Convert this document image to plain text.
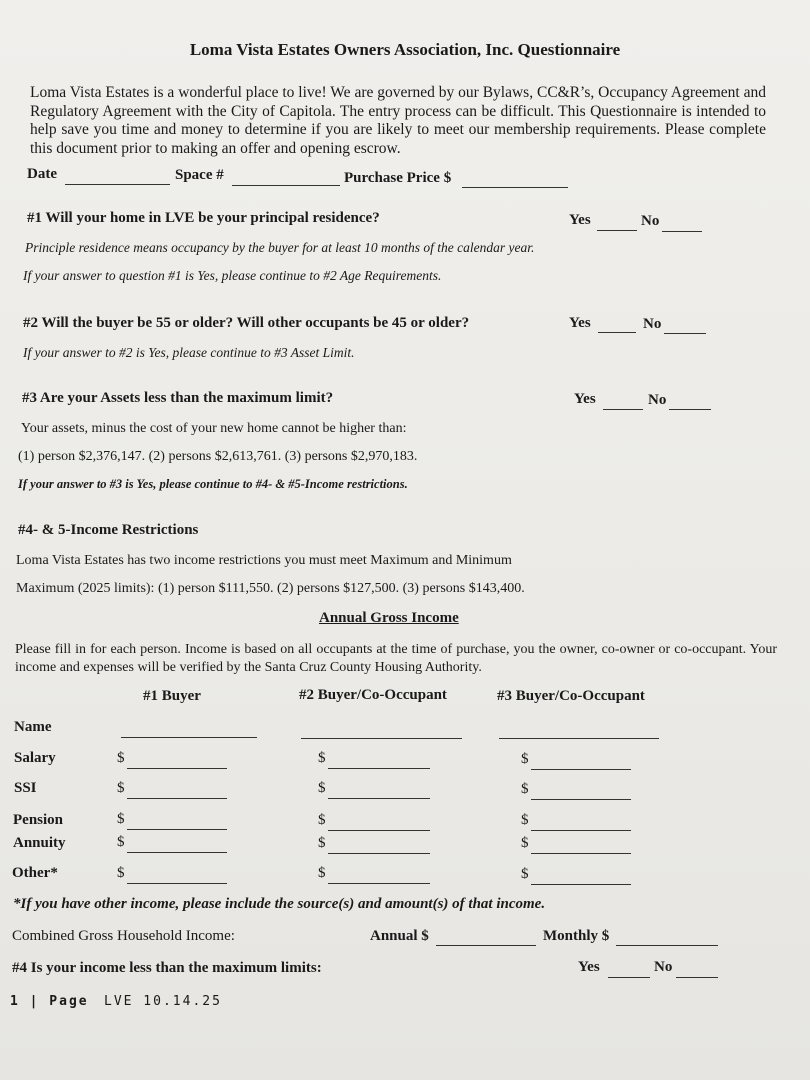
Loma Vista Estates Owners Association, Inc. Questionnaire
Loma Vista Estates is a wonderful place to live! We are governed by our Bylaws, CC&R’s, Occupancy Agreement and Regulatory Agreement with the City of Capitola. The entry process can be difficult. This Questionnaire is intended to help save you time and money to determine if you are likely to meet our membership requirements. Please complete this document prior to making an offer and opening escrow.
Date	Space #	Purchase Price $
#1 Will your home in LVE be your principal residence?	Yes	No
Principle residence means occupancy by the buyer for at least 10 months of the calendar year.
If your answer to question #1 is Yes, please continue to #2 Age Requirements.
#2 Will the buyer be 55 or older? Will other occupants be 45 or older?	Yes	No
If your answer to #2 is Yes, please continue to #3 Asset Limit.
#3 Are your Assets less than the maximum limit?	Yes	No
Your assets, minus the cost of your new home cannot be higher than:
(1) person $2,376,147. (2) persons $2,613,761. (3) persons $2,970,183.
If your answer to #3 is Yes, please continue to #4- & #5-Income restrictions.
#4- & 5-Income Restrictions
Loma Vista Estates has two income restrictions you must meet Maximum and Minimum
Maximum (2025 limits): (1) person $111,550. (2) persons $127,500. (3) persons $143,400.
Annual Gross Income
Please fill in for each person. Income is based on all occupants at the time of purchase, you the owner, co-owner or co-occupant. Your income and expenses will be verified by the Santa Cruz County Housing Authority.
#1 Buyer	#2 Buyer/Co-Occupant	#3 Buyer/Co-Occupant
Name
Salary	$	$	$
SSI	$	$	$
Pension	$	$	$
Annuity	$	$	$
Other*	$	$	$
*If you have other income, please include the source(s) and amount(s) of that income.
Combined Gross Household Income:	Annual $	Monthly $
#4 Is your income less than the maximum limits:	Yes	No
1 | Page LVE 10.14.25
